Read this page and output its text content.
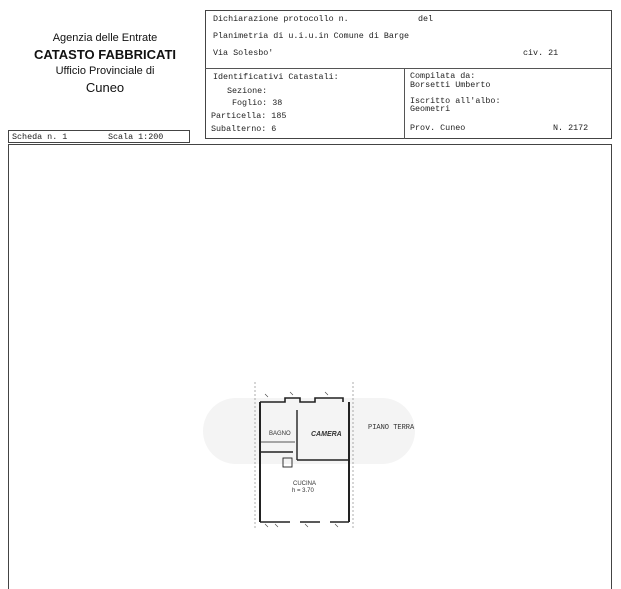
Agenzia delle Entrate
CATASTO FABBRICATI
Ufficio Provinciale di
Cuneo
Dichiarazione protocollo n.	del
Planimetria di u.i.u.in Comune di Barge
Via Solesbo'	civ. 21
Identificativi Catastali:
Sezione:
Foglio: 38
Particella: 185
Subalterno: 6
Compilata da:
Borsetti Umberto
Iscritto all'albo:
Geometri
Prov. Cuneo	N. 2172
Scheda n. 1	Scala 1:200
BAGNO	CAMERA
CUCINA
h = 3.70
PIANO TERRA
